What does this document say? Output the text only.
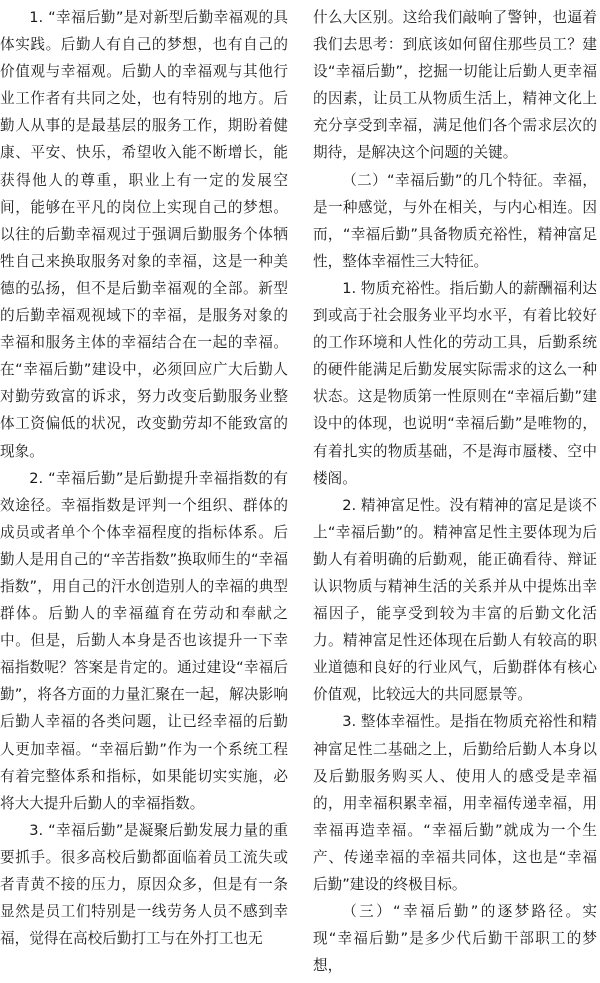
1. “幸福后勤”是对新型后勤幸福观的具体实践。后勤人有自己的梦想，也有自己的价值观与幸福观。后勤人的幸福观与其他行业工作者有共同之处，也有特别的地方。后勤人从事的是最基层的服务工作，期盼着健康、平安、快乐，希望收入能不断增长，能获得他人的尊重，职业上有一定的发展空间，能够在平凡的岗位上实现自己的梦想。以往的后勤幸福观过于强调后勤服务个体牺牲自己来换取服务对象的幸福，这是一种美德的弘扬，但不是后勤幸福观的全部。新型的后勤幸福观视域下的幸福，是服务对象的幸福和服务主体的幸福结合在一起的幸福。在“幸福后勤”建设中，必须回应广大后勤人对勤劳致富的诉求，努力改变后勤服务业整体工资偏低的状况，改变勤劳却不能致富的现象。

2. “幸福后勤”是后勤提升幸福指数的有效途径。幸福指数是评判一个组织、群体的成员或者单个个体幸福程度的指标体系。后勤人是用自己的“辛苦指数”换取师生的“幸福指数”，用自己的汗水创造别人的幸福的典型群体。后勤人的幸福蕴育在劳动和奉献之中。但是，后勤人本身是否也该提升一下幸福指数呢？答案是肯定的。通过建设“幸福后勤”，将各方面的力量汇聚在一起，解决影响后勤人幸福的各类问题，让已经幸福的后勤人更加幸福。“幸福后勤”作为一个系统工程有着完整体系和指标，如果能切实实施，必将大大提升后勤人的幸福指数。

3. “幸福后勤”是凝聚后勤发展力量的重要抓手。很多高校后勤都面临着员工流失或者青黄不接的压力，原因众多，但是有一条显然是员工们特别是一线劳务人员不感到幸福，觉得在高校后勤打工与在外打工也无

什么大区别。这给我们敲响了警钟，也逼着我们去思考：到底该如何留住那些员工？建设“幸福后勤”，挖掘一切能让后勤人更幸福的因素，让员工从物质生活上，精神文化上充分享受到幸福，满足他们各个需求层次的期待，是解决这个问题的关键。

（二）“幸福后勤”的几个特征。幸福，是一种感觉，与外在相关，与内心相连。因而，“幸福后勤”具备物质充裕性，精神富足性，整体幸福性三大特征。

1. 物质充裕性。指后勤人的薪酬福利达到或高于社会服务业平均水平，有着比较好的工作环境和人性化的劳动工具，后勤系统的硬件能满足后勤发展实际需求的这么一种状态。这是物质第一性原则在“幸福后勤”建设中的体现，也说明“幸福后勤”是唯物的，有着扎实的物质基础，不是海市蜃楼、空中楼阁。

2. 精神富足性。没有精神的富足是谈不上“幸福后勤”的。精神富足性主要体现为后勤人有着明确的后勤观，能正确看待、辩证认识物质与精神生活的关系并从中提炼出幸福因子，能享受到较为丰富的后勤文化活力。精神富足性还体现在后勤人有较高的职业道德和良好的行业风气，后勤群体有核心价值观，比较远大的共同愿景等。

3. 整体幸福性。是指在物质充裕性和精神富足性二基础之上，后勤给后勤人本身以及后勤服务购买人、使用人的感受是幸福的，用幸福积累幸福，用幸福传递幸福，用幸福再造幸福。“幸福后勤”就成为一个生产、传递幸福的幸福共同体，这也是“幸福后勤”建设的终极目标。

（三）“幸福后勤”的逐梦路径。实现“幸福后勤”是多少代后勤干部职工的梦想，
